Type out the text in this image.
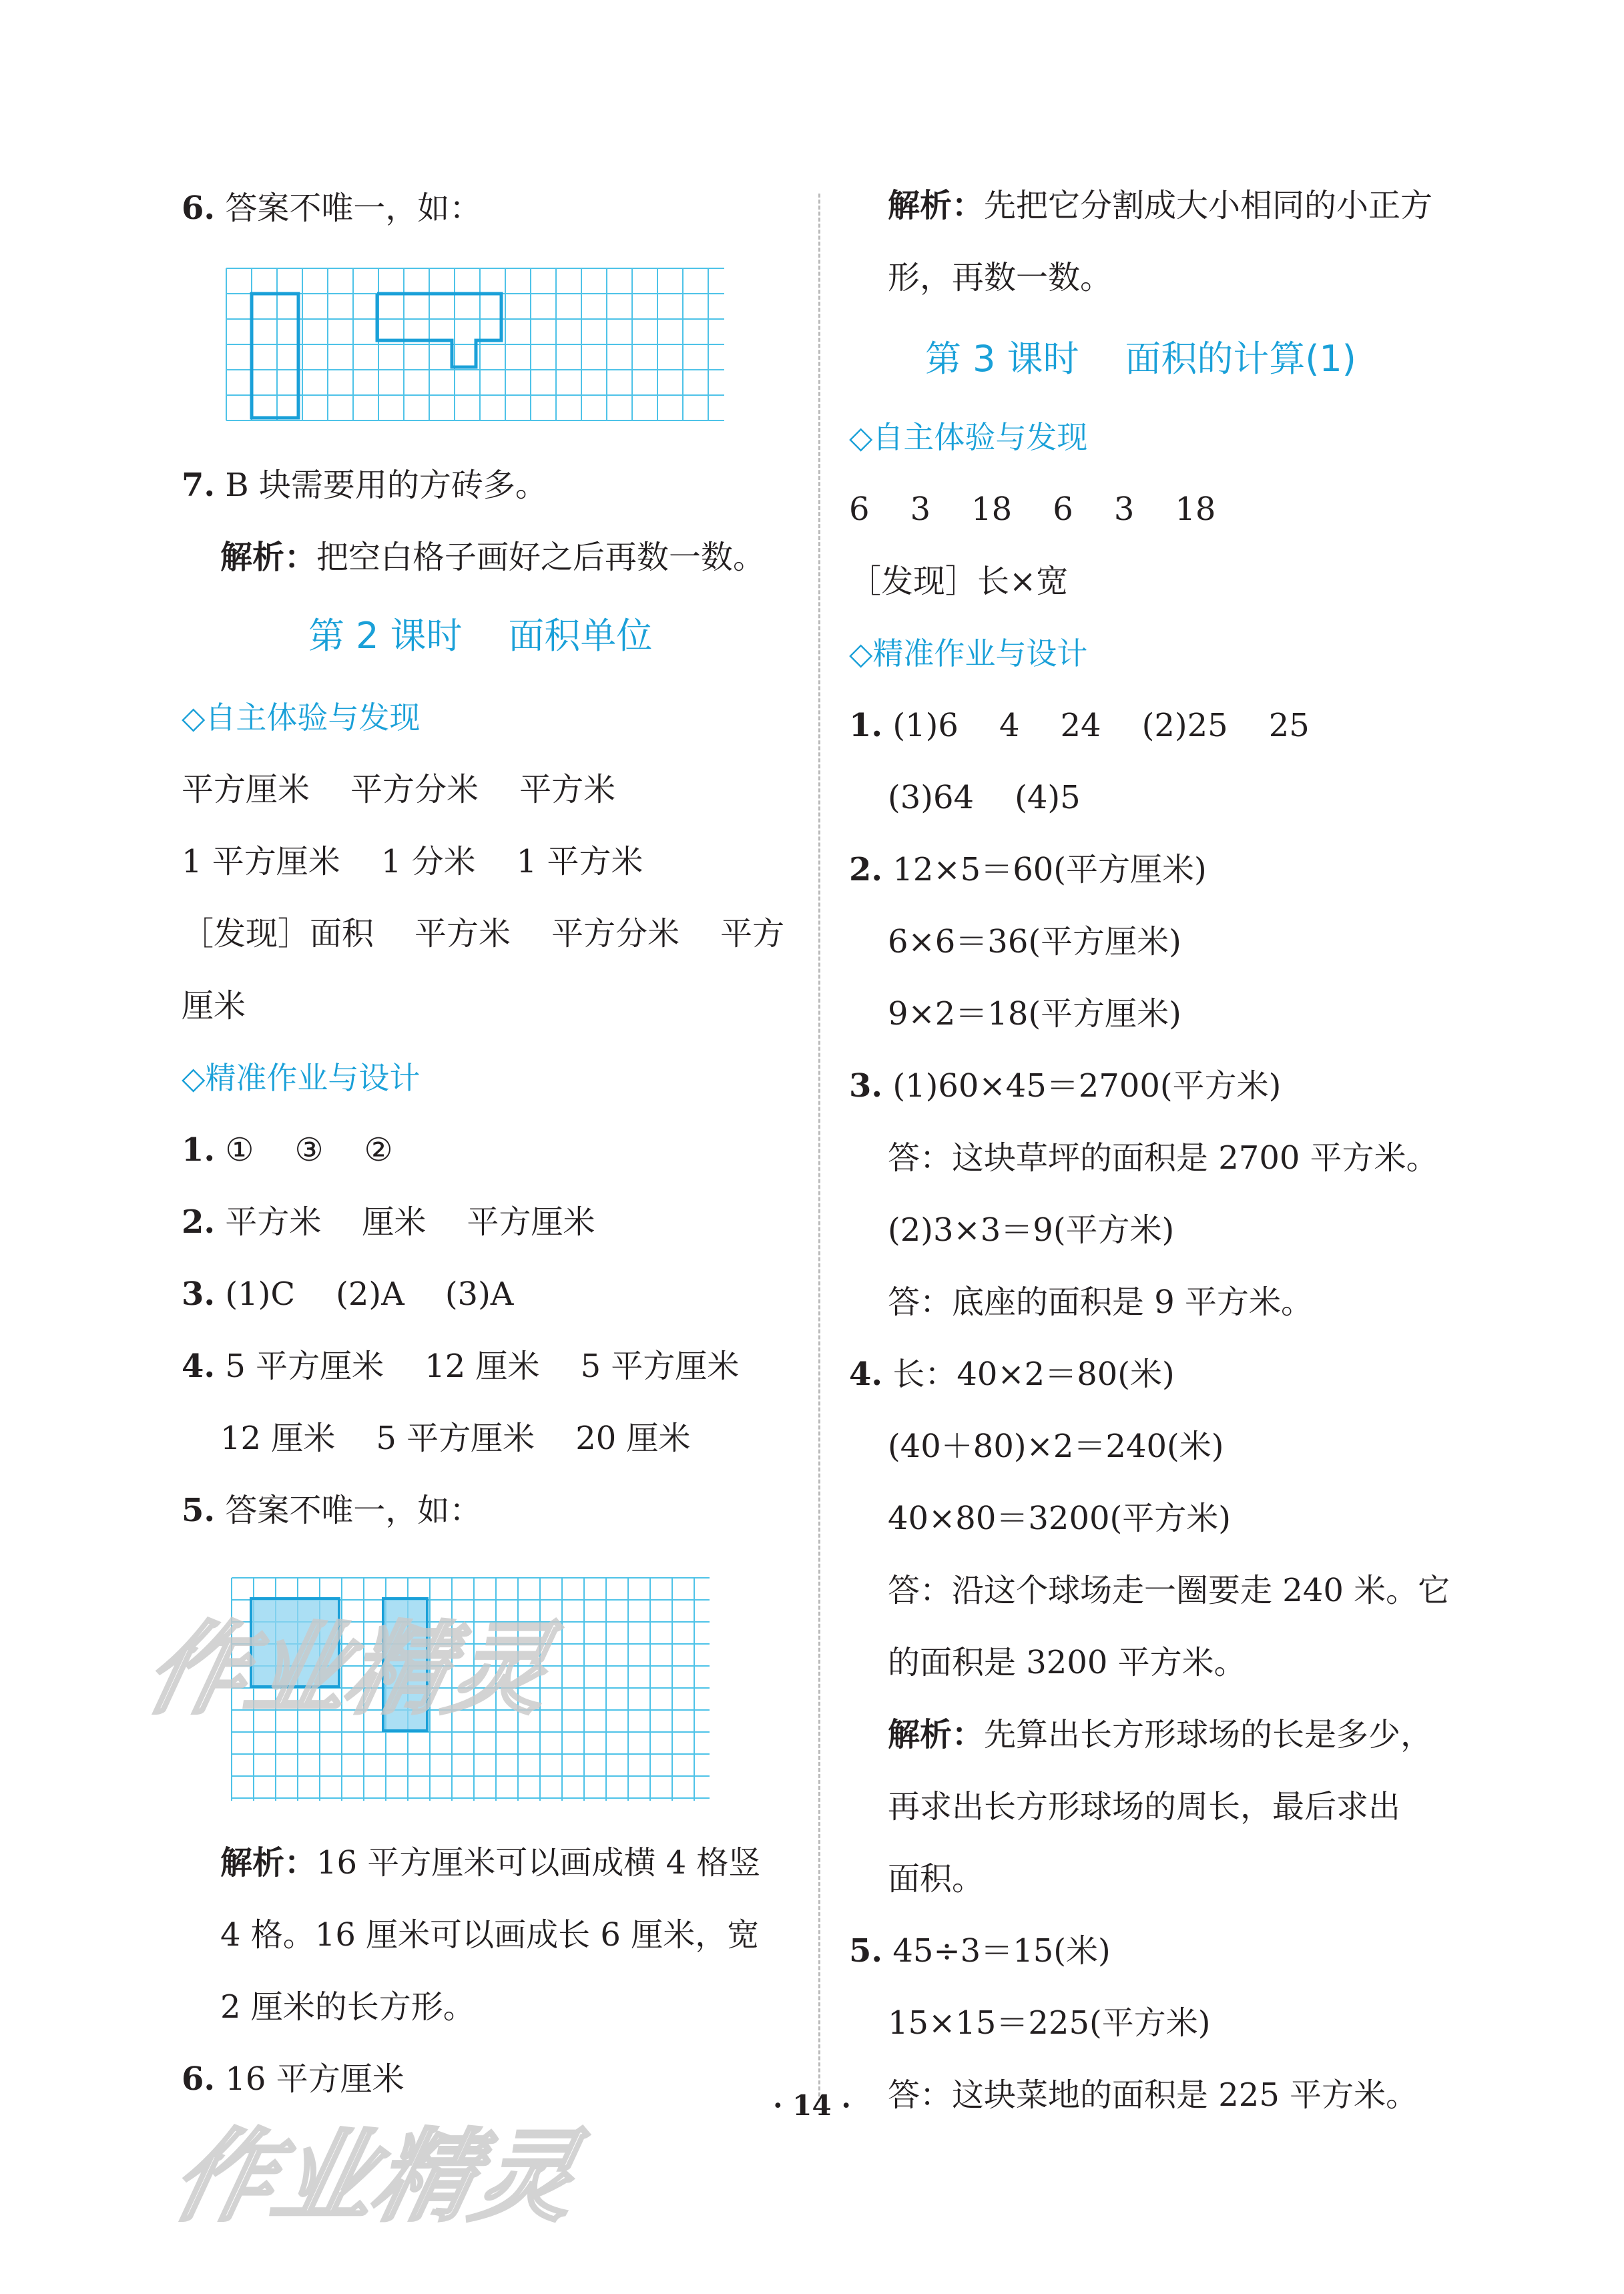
6. 答案不唯一，如：
7. B 块需要用的方砖多。
解析：把空白格子画好之后再数一数。
第 2 课时    面积单位
◇自主体验与发现
平方厘米    平方分米    平方米
1 平方厘米    1 分米    1 平方米
［发现］面积    平方米    平方分米    平方
厘米
◇精准作业与设计
1. ①    ③    ②
2. 平方米    厘米    平方厘米
3. (1)C    (2)A    (3)A
4. 5 平方厘米    12 厘米    5 平方厘米
12 厘米    5 平方厘米    20 厘米
5. 答案不唯一，如：
解析：16 平方厘米可以画成横 4 格竖
4 格。16 厘米可以画成长 6 厘米，宽
2 厘米的长方形。
6. 16 平方厘米
解析：先把它分割成大小相同的小正方
形，再数一数。
第 3 课时    面积的计算(1)
◇自主体验与发现
6    3    18    6    3    18
［发现］长×宽
◇精准作业与设计
1. (1)6    4    24    (2)25    25
(3)64    (4)5
2. 12×5＝60(平方厘米)
6×6＝36(平方厘米)
9×2＝18(平方厘米)
3. (1)60×45＝2700(平方米)
答：这块草坪的面积是 2700 平方米。
(2)3×3＝9(平方米)
答：底座的面积是 9 平方米。
4. 长：40×2＝80(米)
(40＋80)×2＝240(米)
40×80＝3200(平方米)
答：沿这个球场走一圈要走 240 米。它
的面积是 3200 平方米。
解析：先算出长方形球场的长是多少，
再求出长方形球场的周长，最后求出
面积。
5. 45÷3＝15(米)
15×15＝225(平方米)
答：这块菜地的面积是 225 平方米。
· 14 ·
作业精灵
作业精灵
